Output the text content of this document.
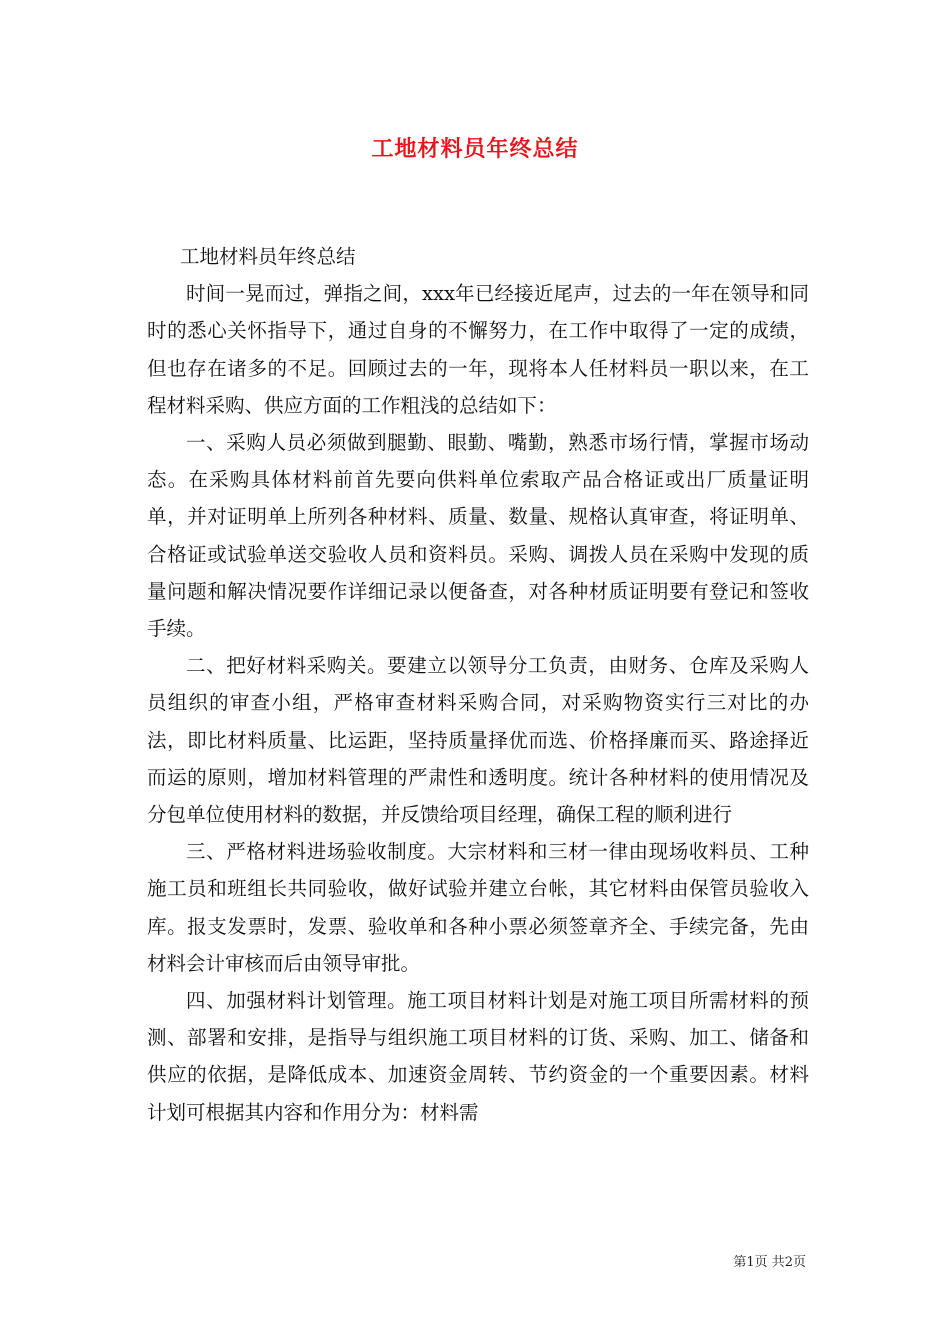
工地材料员年终总结

工地材料员年终总结

时间一晃而过，弹指之间，xxx年已经接近尾声，过去的一年在领导和同时的悉心关怀指导下，通过自身的不懈努力，在工作中取得了一定的成绩，但也存在诸多的不足。回顾过去的一年，现将本人任材料员一职以来，在工程材料采购、供应方面的工作粗浅的总结如下：

一、采购人员必须做到腿勤、眼勤、嘴勤，熟悉市场行情，掌握市场动态。在采购具体材料前首先要向供料单位索取产品合格证或出厂质量证明单，并对证明单上所列各种材料、质量、数量、规格认真审查，将证明单、合格证或试验单送交验收人员和资料员。采购、调拨人员在采购中发现的质量问题和解决情况要作详细记录以便备查，对各种材质证明要有登记和签收手续。

二、把好材料采购关。要建立以领导分工负责，由财务、仓库及采购人员组织的审查小组，严格审查材料采购合同，对采购物资实行三对比的办法，即比材料质量、比运距，坚持质量择优而选、价格择廉而买、路途择近而运的原则，增加材料管理的严肃性和透明度。统计各种材料的使用情况及分包单位使用材料的数据，并反馈给项目经理，确保工程的顺利进行

三、严格材料进场验收制度。大宗材料和三材一律由现场收料员、工种施工员和班组长共同验收，做好试验并建立台帐，其它材料由保管员验收入库。报支发票时，发票、验收单和各种小票必须签章齐全、手续完备，先由材料会计审核而后由领导审批。

四、加强材料计划管理。施工项目材料计划是对施工项目所需材料的预测、部署和安排，是指导与组织施工项目材料的订货、采购、加工、储备和供应的依据，是降低成本、加速资金周转、节约资金的一个重要因素。材料计划可根据其内容和作用分为：材料需

第1页 共2页
